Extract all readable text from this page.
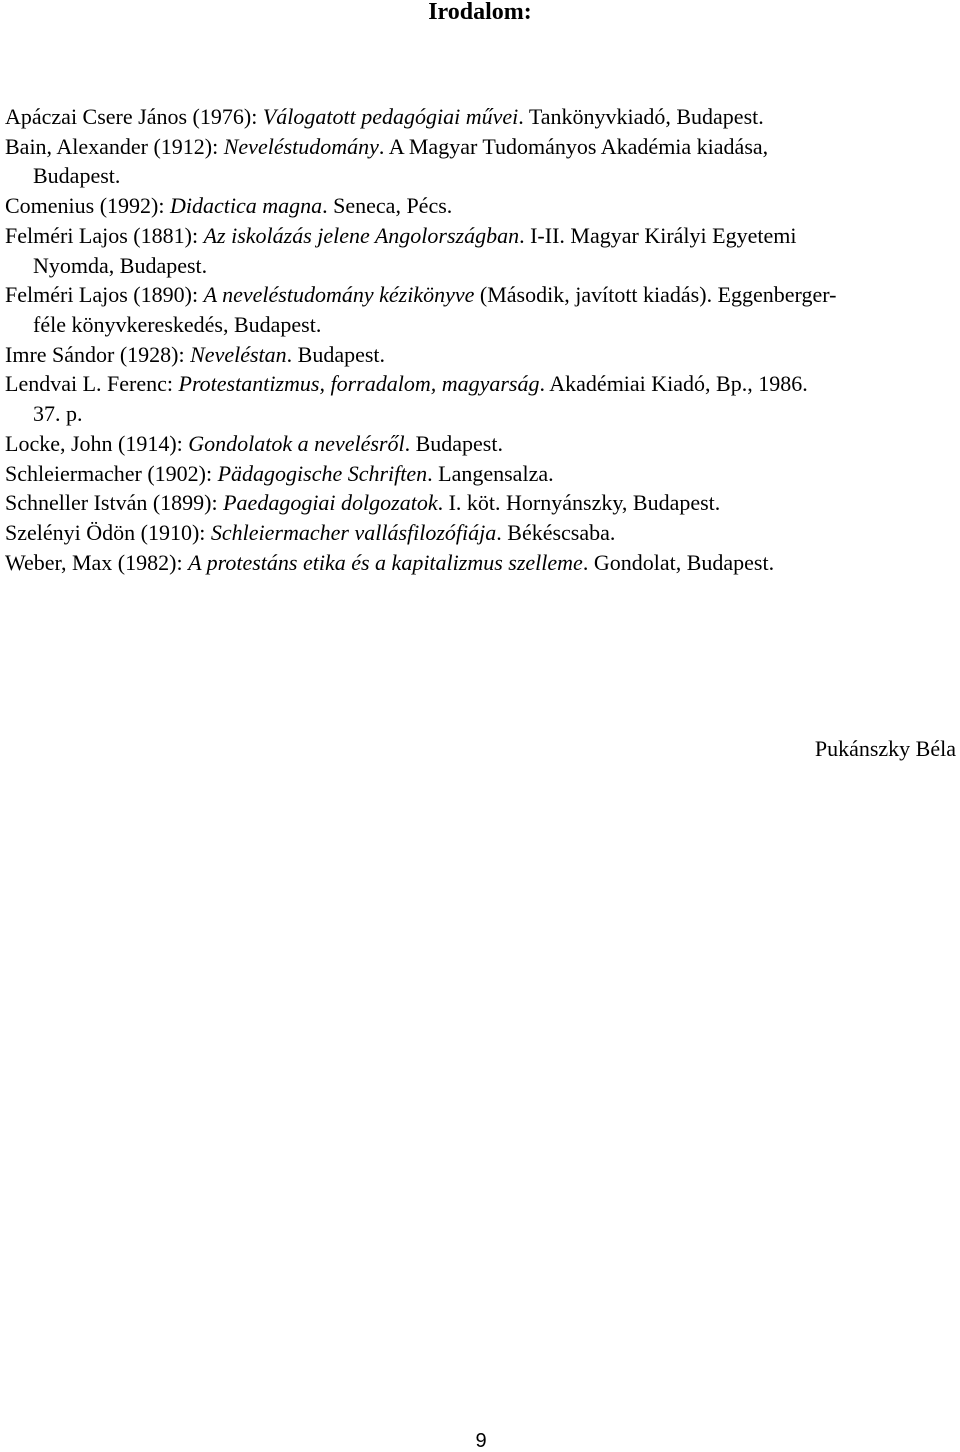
Irodalom:
Apáczai Csere János (1976): Válogatott pedagógiai művei. Tankönyvkiadó, Budapest.
Bain, Alexander (1912): Neveléstudomány. A Magyar Tudományos Akadémia kiadása,
Budapest.
Comenius (1992): Didactica magna. Seneca, Pécs.
Felméri Lajos (1881): Az iskolázás jelene Angolországban. I-II. Magyar Királyi Egyetemi
Nyomda, Budapest.
Felméri Lajos (1890): A neveléstudomány kézikönyve (Második, javított kiadás). Eggenberger-
féle könyvkereskedés, Budapest.
Imre Sándor (1928): Neveléstan. Budapest.
Lendvai L. Ferenc: Protestantizmus, forradalom, magyarság. Akadémiai Kiadó, Bp., 1986.
37. p.
Locke, John (1914): Gondolatok a nevelésről. Budapest.
Schleiermacher (1902): Pädagogische Schriften. Langensalza.
Schneller István (1899): Paedagogiai dolgozatok. I. köt. Hornyánszky, Budapest.
Szelényi Ödön (1910): Schleiermacher vallásfilozófiája. Békéscsaba.
Weber, Max (1982): A protestáns etika és a kapitalizmus szelleme. Gondolat, Budapest.
Pukánszky Béla
9
